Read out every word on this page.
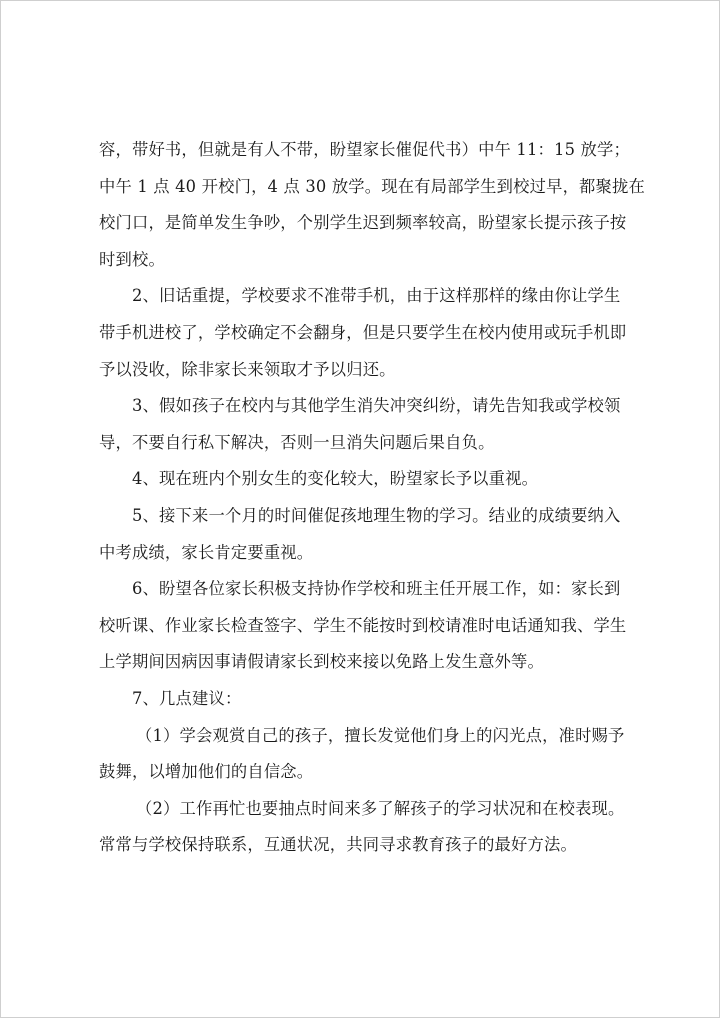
容，带好书，但就是有人不带，盼望家长催促代书）中午 11：15 放学；
中午 1 点 40 开校门，4 点 30 放学。现在有局部学生到校过早，都聚拢在
校门口，是简单发生争吵，个别学生迟到频率较高，盼望家长提示孩子按
时到校。
2、旧话重提，学校要求不准带手机，由于这样那样的缘由你让学生
带手机进校了，学校确定不会翻身，但是只要学生在校内使用或玩手机即
予以没收，除非家长来领取才予以归还。
3、假如孩子在校内与其他学生消失冲突纠纷，请先告知我或学校领
导，不要自行私下解决，否则一旦消失问题后果自负。
4、现在班内个别女生的变化较大，盼望家长予以重视。
5、接下来一个月的时间催促孩地理生物的学习。结业的成绩要纳入
中考成绩，家长肯定要重视。
6、盼望各位家长积极支持协作学校和班主任开展工作，如：家长到
校听课、作业家长检查签字、学生不能按时到校请准时电话通知我、学生
上学期间因病因事请假请家长到校来接以免路上发生意外等。
7、几点建议：
（1）学会观赏自己的孩子，擅长发觉他们身上的闪光点，准时赐予
鼓舞，以增加他们的自信念。
（2）工作再忙也要抽点时间来多了解孩子的学习状况和在校表现。
常常与学校保持联系，互通状况，共同寻求教育孩子的最好方法。
